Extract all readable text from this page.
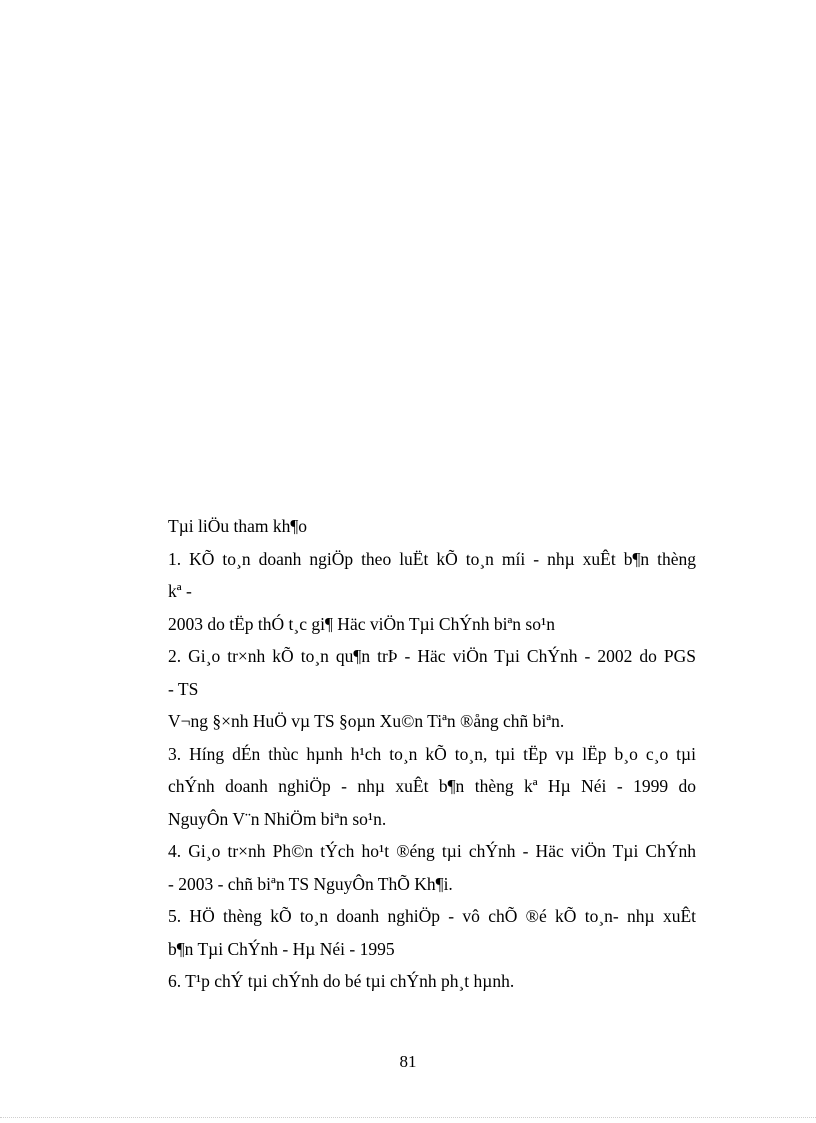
Tµi liÖu tham kh¶o
1. KÕ to¸n doanh ngiÖp theo luËt kÕ to¸n míi - nhµ xuÊt b¶n thèng
kª -
2003 do tËp thÓ t¸c gi¶ Häc viÖn Tµi ChÝnh biªn so¹n
2. Gi¸o tr×nh kÕ to¸n qu¶n trÞ - Häc viÖn Tµi ChÝnh - 2002 do PGS
- TS
V¬ng §×nh HuÖ vµ TS §oµn Xu©n Tiªn ®ång chñ biªn.
3. Híng dÉn thùc hµnh h¹ch to¸n kÕ to¸n, tµi tËp vµ lËp b¸o c¸o tµi
chÝnh doanh nghiÖp - nhµ xuÊt b¶n thèng kª Hµ Néi - 1999 do
NguyÔn V¨n NhiÖm biªn so¹n.
4. Gi¸o tr×nh Ph©n tÝch ho¹t ®éng tµi chÝnh - Häc viÖn Tµi ChÝnh
- 2003 - chñ biªn TS NguyÔn ThÕ Kh¶i.
5. HÖ thèng kÕ to¸n doanh nghiÖp - vô chÕ ®é kÕ to¸n- nhµ xuÊt
b¶n Tµi ChÝnh - Hµ Néi - 1995
6. T¹p chÝ tµi chÝnh do bé tµi chÝnh ph¸t hµnh.
81
